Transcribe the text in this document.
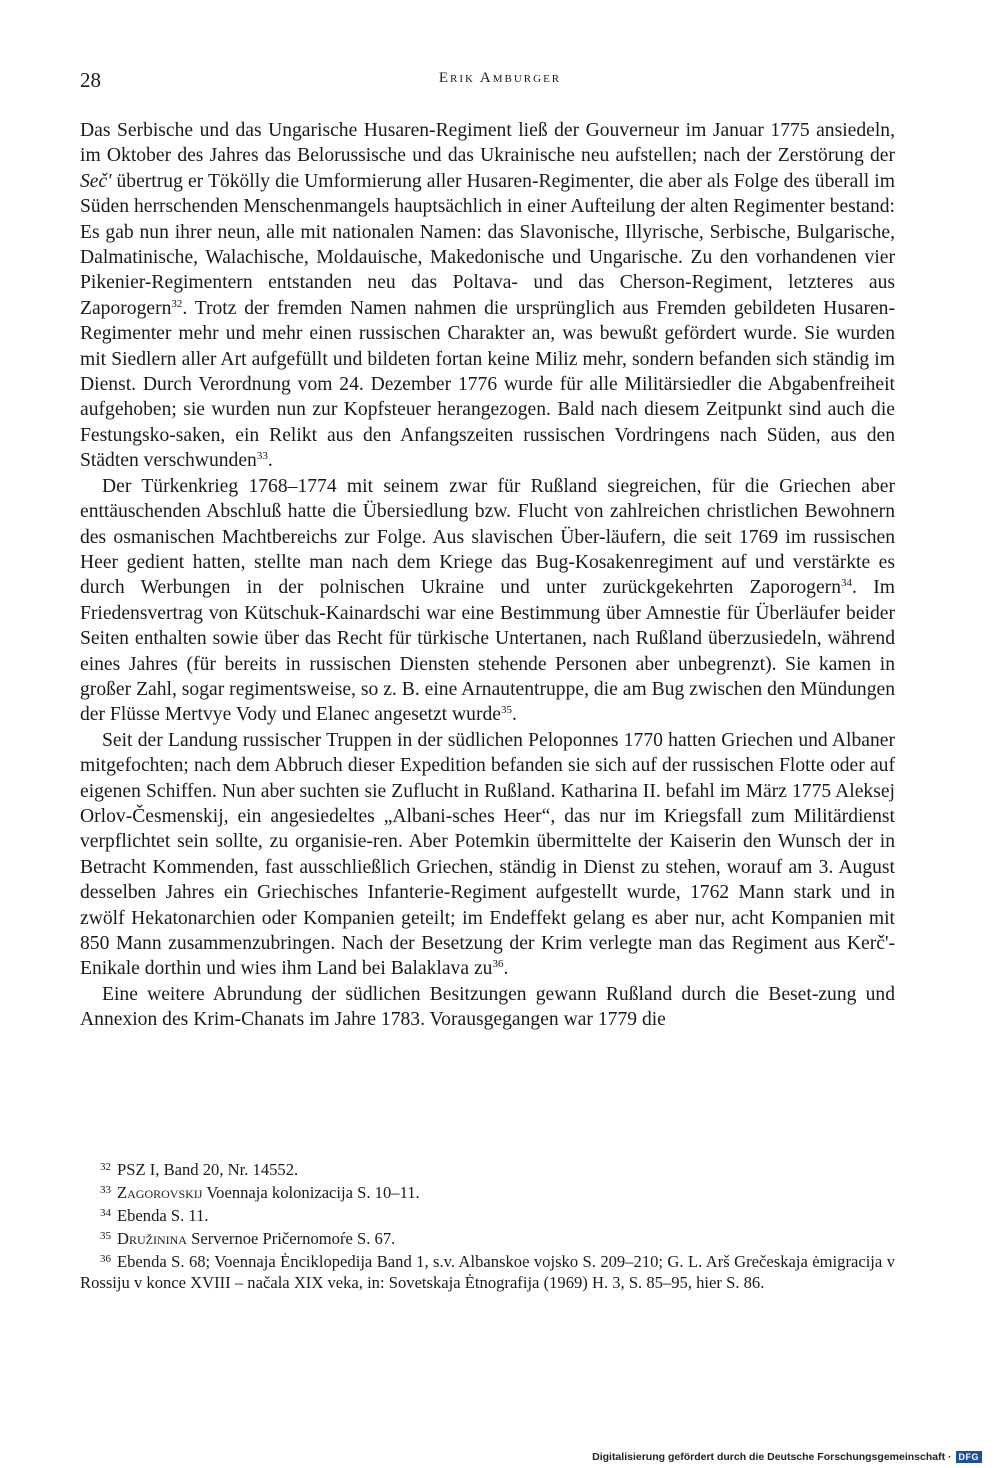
28	Erik Amburger

Das Serbische und das Ungarische Husaren-Regiment ließ der Gouverneur im Januar 1775 ansiedeln, im Oktober des Jahres das Belorussische und das Ukrainische neu aufstellen; nach der Zerstörung der Seč' übertrug er Tökölly die Umformierung aller Husaren-Regimenter, die aber als Folge des überall im Süden herrschenden Menschenmangels hauptsächlich in einer Aufteilung der alten Regimenter bestand: Es gab nun ihrer neun, alle mit nationalen Namen: das Slavonische, Illyrische, Serbische, Bulgarische, Dalmatinische, Walachische, Moldauische, Makedonische und Ungarische. Zu den vorhandenen vier Pikenier-Regimentern entstanden neu das Poltava- und das Cherson-Regiment, letzteres aus Zaporogern$^{32}$. Trotz der fremden Namen nahmen die ursprünglich aus Fremden gebildeten Husaren-Regimenter mehr und mehr einen russischen Charakter an, was bewußt gefördert wurde. Sie wurden mit Siedlern aller Art aufgefüllt und bildeten fortan keine Miliz mehr, sondern befanden sich ständig im Dienst. Durch Verordnung vom 24. Dezember 1776 wurde für alle Militärsiedler die Abgabenfreiheit aufgehoben; sie wurden nun zur Kopfsteuer herangezogen. Bald nach diesem Zeitpunkt sind auch die Festungsko-saken, ein Relikt aus den Anfangszeiten russischen Vordringens nach Süden, aus den Städten verschwunden$^{33}$.

Der Türkenkrieg 1768–1774 mit seinem zwar für Rußland siegreichen, für die Griechen aber enttäuschenden Abschluß hatte die Übersiedlung bzw. Flucht von zahlreichen christlichen Bewohnern des osmanischen Machtbereichs zur Folge. Aus slavischen Über-läufern, die seit 1769 im russischen Heer gedient hatten, stellte man nach dem Kriege das Bug-Kosakenregiment auf und verstärkte es durch Werbungen in der polnischen Ukraine und unter zurückgekehrten Zaporogern$^{34}$. Im Friedensvertrag von Kütschuk-Kainardschi war eine Bestimmung über Amnestie für Überläufer beider Seiten enthalten sowie über das Recht für türkische Untertanen, nach Rußland überzusiedeln, während eines Jahres (für bereits in russischen Diensten stehende Personen aber unbegrenzt). Sie kamen in großer Zahl, sogar regimentsweise, so z. B. eine Arnautentruppe, die am Bug zwischen den Mündungen der Flüsse Mertvye Vody und Elanec angesetzt wurde$^{35}$.

Seit der Landung russischer Truppen in der südlichen Peloponnes 1770 hatten Griechen und Albaner mitgefochten; nach dem Abbruch dieser Expedition befanden sie sich auf der russischen Flotte oder auf eigenen Schiffen. Nun aber suchten sie Zuflucht in Rußland. Katharina II. befahl im März 1775 Aleksej Orlov-Česmenskij, ein angesiedeltes „Albani-sches Heer“, das nur im Kriegsfall zum Militärdienst verpflichtet sein sollte, zu organisie-ren. Aber Potemkin übermittelte der Kaiserin den Wunsch der in Betracht Kommenden, fast ausschließlich Griechen, ständig in Dienst zu stehen, worauf am 3. August desselben Jahres ein Griechisches Infanterie-Regiment aufgestellt wurde, 1762 Mann stark und in zwölf Hekatonarchien oder Kompanien geteilt; im Endeffekt gelang es aber nur, acht Kompanien mit 850 Mann zusammenzubringen. Nach der Besetzung der Krim verlegte man das Regiment aus Kerč'-Enikale dorthin und wies ihm Land bei Balaklava $zu^{36}$.

Eine weitere Abrundung der südlichen Besitzungen gewann Rußland durch die Beset-zung und Annexion des Krim-Chanats im Jahre 1783. Vorausgegangen war 1779 die

$^{32}$ PSZ I, Band 20, Nr. 14552.

$^{33}$ Zagorovskij Voennaja kolonizacija S. 10–11.

$^{34}$ Ebenda S. 11.

$^{35}$ Družinina Servernoe Pričernomoŕe S. 67.

$^{36}$ Ebenda S. 68; Voennaja Ėnciklopedija Band 1, s.v. Albanskoe vojsko S. 209–210; G. L. Arš Grečeskaja ėmigracija v Rossiju v konce XVIII – načala XIX veka, in: Sovetskaja Ėtnografija (1969) H. 3, S. 85–95, hier S. 86.

Digitalisierung gefördert durch die Deutsche Forschungsgemeinschaft · DFG
